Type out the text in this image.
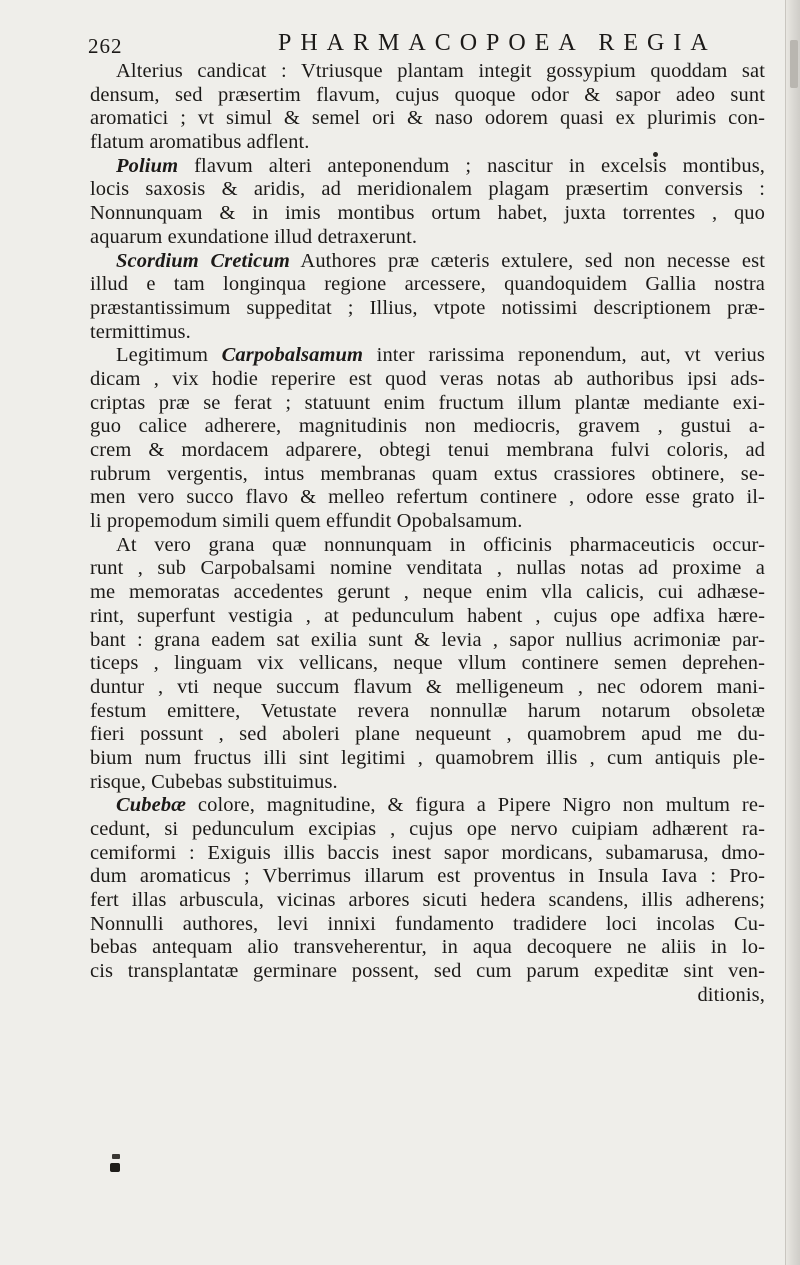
262	PHARMACOPOEA REGIA
Alterius candicat : Vtriusque plantam integit gossypium quoddam sat
densum, sed præsertim flavum, cujus quoque odor & sapor adeo sunt
aromatici ; vt simul & semel ori & naso odorem quasi ex plurimis con-
flatum aromatibus adflent.
Polium flavum alteri anteponendum ; nascitur in excelsis montibus,
locis saxosis & aridis, ad meridionalem plagam præsertim conversis :
Nonnunquam & in imis montibus ortum habet, juxta torrentes , quo
aquarum exundatione illud detraxerunt.
Scordium Creticum Authores præ cæteris extulere, sed non necesse est
illud e tam longinqua regione arcessere, quandoquidem Gallia nostra
præstantissimum suppeditat ; Illius, vtpote notissimi descriptionem præ-
termittimus.
Legitimum Carpobalsamum inter rarissima reponendum, aut, vt verius
dicam , vix hodie reperire est quod veras notas ab authoribus ipsi ads-
criptas præ se ferat ; statuunt enim fructum illum plantæ mediante exi-
guo calice adherere, magnitudinis non mediocris, gravem , gustui a-
crem & mordacem adparere, obtegi tenui membrana fulvi coloris, ad
rubrum vergentis, intus membranas quam extus crassiores obtinere, se-
men vero succo flavo & melleo refertum continere , odore esse grato il-
li propemodum simili quem effundit Opobalsamum.
At vero grana quæ nonnunquam in officinis pharmaceuticis occur-
runt , sub Carpobalsami nomine venditata , nullas notas ad proxime a
me memoratas accedentes gerunt , neque enim vlla calicis, cui adhæse-
rint, superfunt vestigia , at pedunculum habent , cujus ope adfixa hære-
bant : grana eadem sat exilia sunt & levia , sapor nullius acrimoniæ par-
ticeps , linguam vix vellicans, neque vllum continere semen deprehen-
duntur , vti neque succum flavum & melligeneum , nec odorem mani-
festum emittere, Vetustate revera nonnullæ harum notarum obsoletæ
fieri possunt , sed aboleri plane nequeunt , quamobrem apud me du-
bium num fructus illi sint legitimi , quamobrem illis , cum antiquis ple-
risque, Cubebas substituimus.
Cubebæ colore, magnitudine, & figura a Pipere Nigro non multum re-
cedunt, si pedunculum excipias , cujus ope nervo cuipiam adhærent ra-
cemiformi : Exiguis illis baccis inest sapor mordicans, subamarusa, dmo-
dum aromaticus ; Vberrimus illarum est proventus in Insula Iava : Pro-
fert illas arbuscula, vicinas arbores sicuti hedera scandens, illis adherens;
Nonnulli authores, levi innixi fundamento tradidere loci incolas Cu-
bebas antequam alio transveherentur, in aqua decoquere ne aliis in lo-
cis transplantatæ germinare possent, sed cum parum expeditæ sint ven-
ditionis,
